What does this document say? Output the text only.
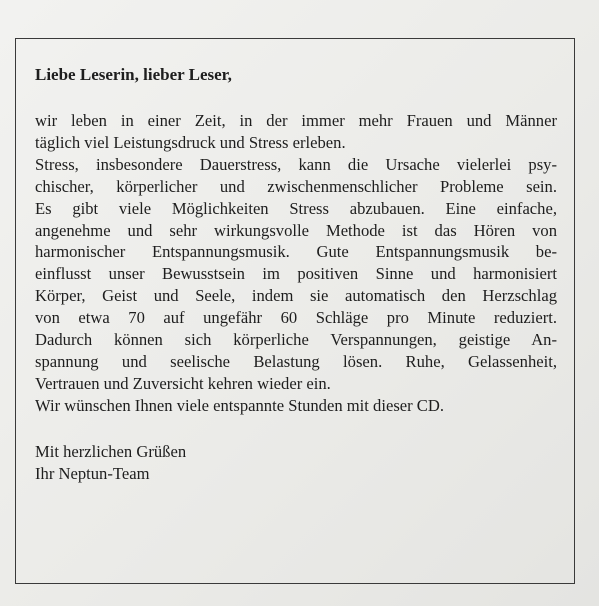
Liebe Leserin, lieber Leser,
wir leben in einer Zeit, in der immer mehr Frauen und Männer
täglich viel Leistungsdruck und Stress erleben.
Stress, insbesondere Dauerstress, kann die Ursache vielerlei psy-
chischer, körperlicher und zwischenmenschlicher Probleme sein.
Es gibt viele Möglichkeiten Stress abzubauen. Eine einfache,
angenehme und sehr wirkungsvolle Methode ist das Hören von
harmonischer Entspannungsmusik. Gute Entspannungsmusik be-
einflusst unser Bewusstsein im positiven Sinne und harmonisiert
Körper, Geist und Seele, indem sie automatisch den Herzschlag
von etwa 70 auf ungefähr 60 Schläge pro Minute reduziert.
Dadurch können sich körperliche Verspannungen, geistige An-
spannung und seelische Belastung lösen. Ruhe, Gelassenheit,
Vertrauen und Zuversicht kehren wieder ein.
Wir wünschen Ihnen viele entspannte Stunden mit dieser CD.
Mit herzlichen Grüßen
Ihr Neptun-Team
